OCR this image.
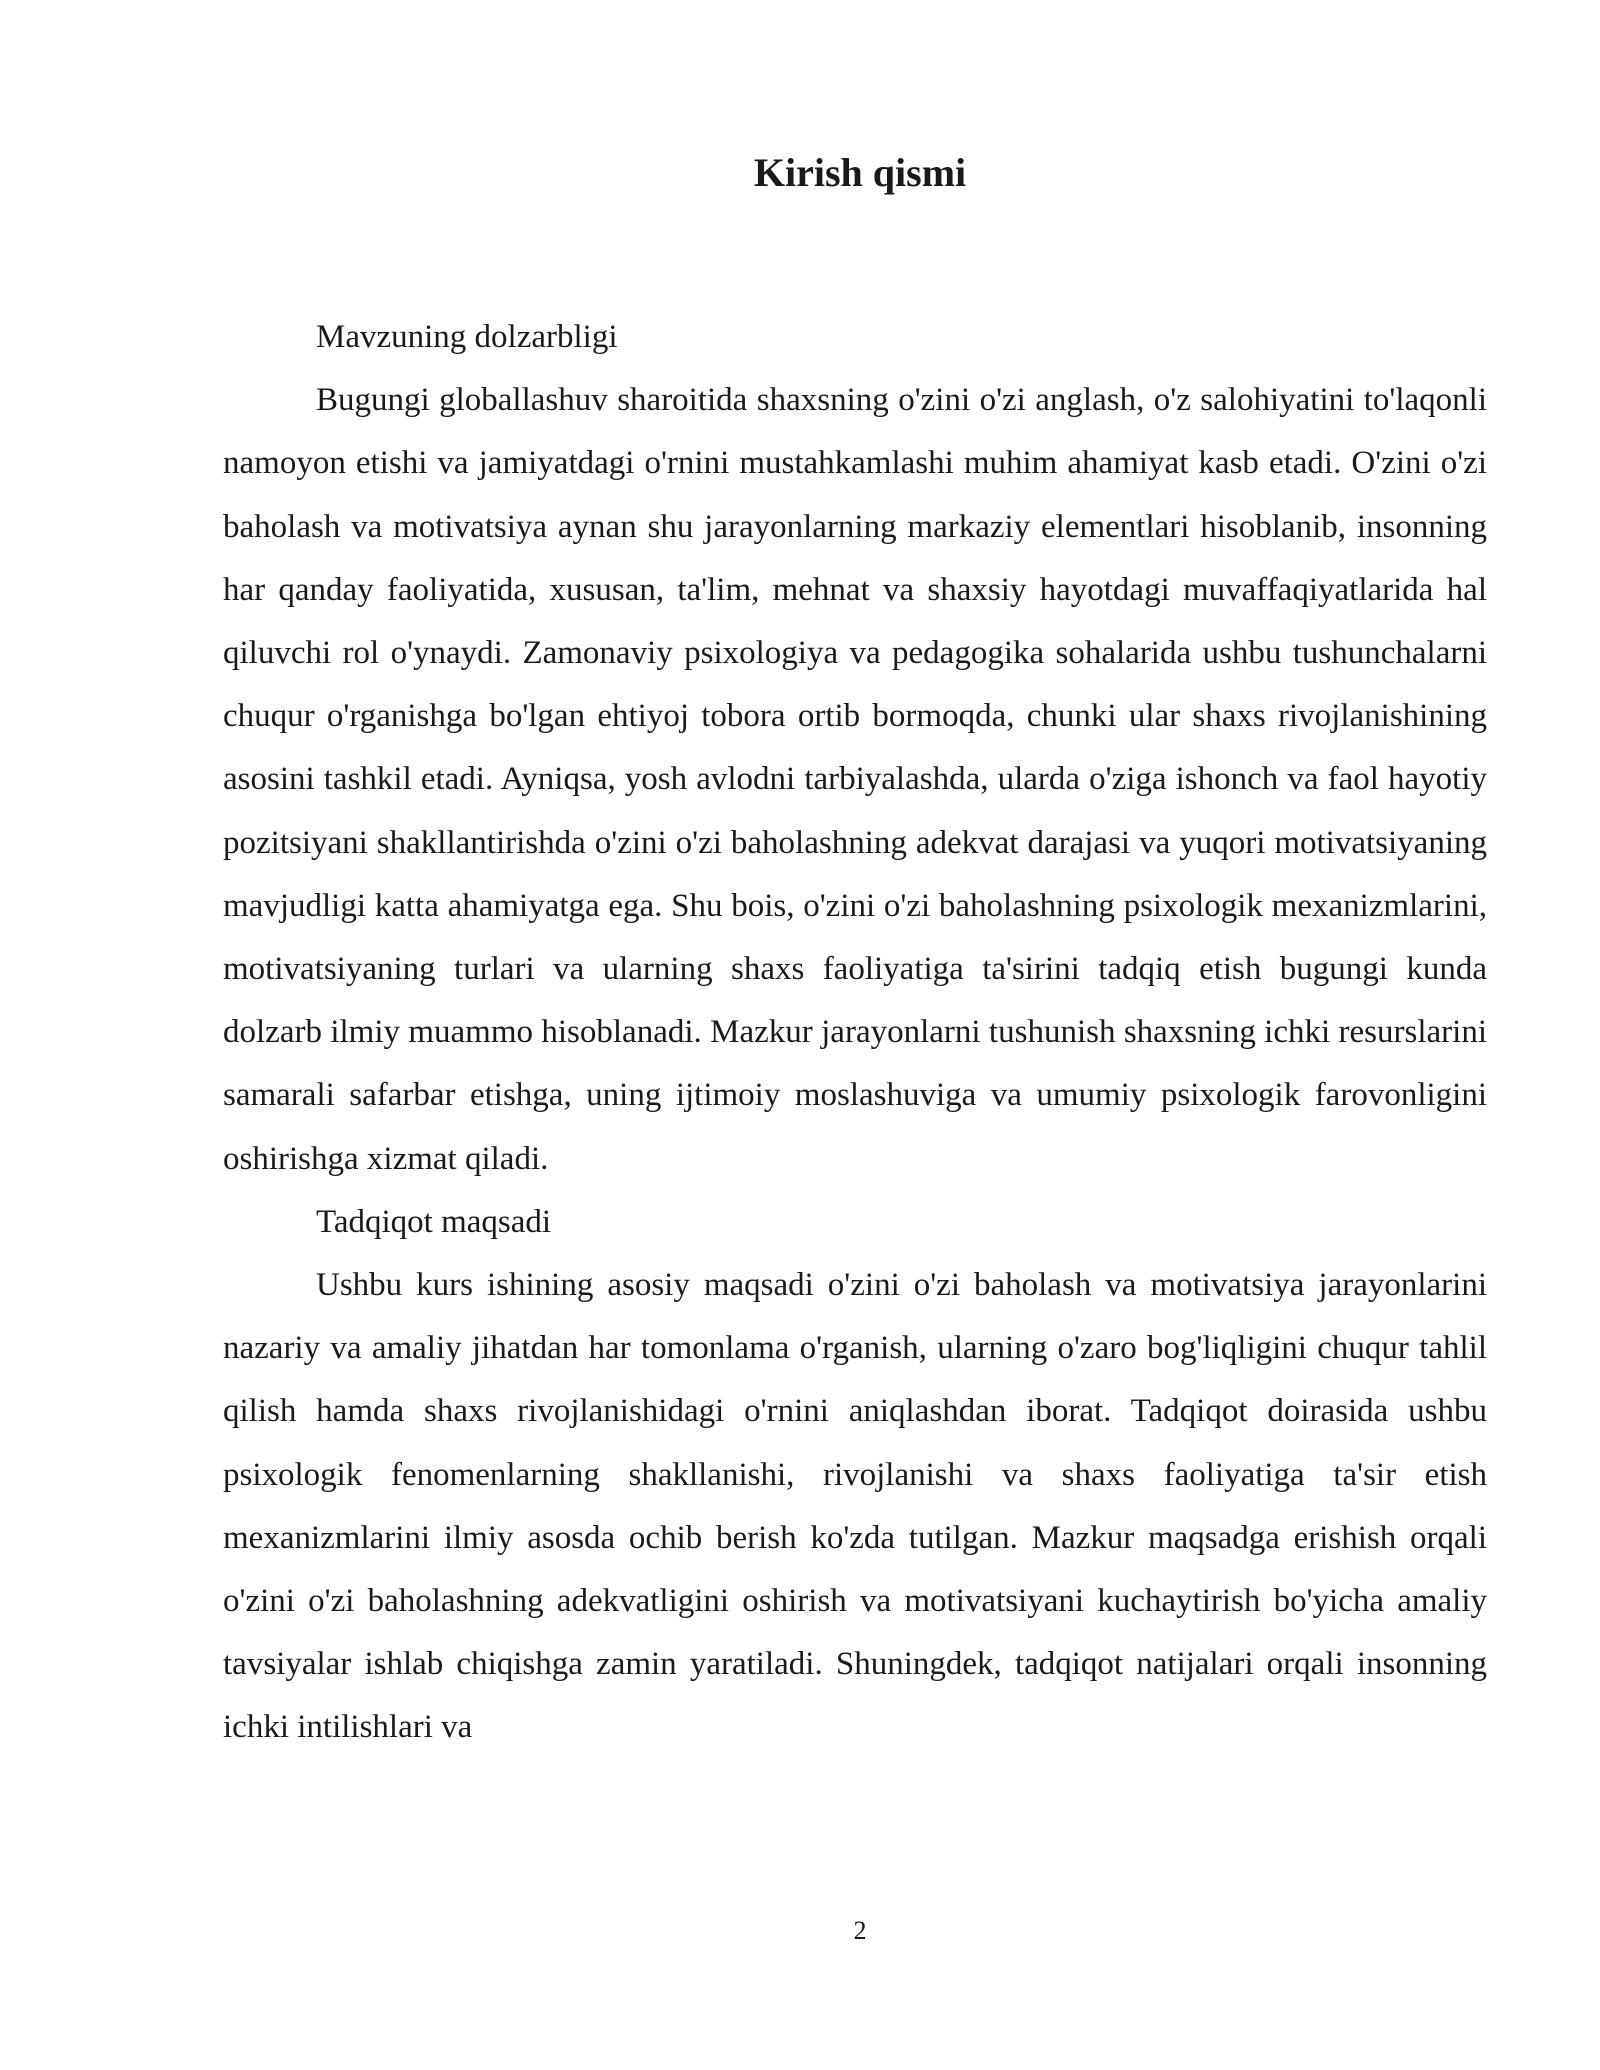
Kirish qismi

Mavzuning dolzarbligi

Bugungi globallashuv sharoitida shaxsning o'zini o'zi anglash, o'z salohiyatini to'laqonli namoyon etishi va jamiyatdagi o'rnini mustahkamlashi muhim ahamiyat kasb etadi. O'zini o'zi baholash va motivatsiya aynan shu jarayonlarning markaziy elementlari hisoblanib, insonning har qanday faoliyatida, xususan, ta'lim, mehnat va shaxsiy hayotdagi muvaffaqiyatlarida hal qiluvchi rol o'ynaydi. Zamonaviy psixologiya va pedagogika sohalarida ushbu tushunchalarni chuqur o'rganishga bo'lgan ehtiyoj tobora ortib bormoqda, chunki ular shaxs rivojlanishining asosini tashkil etadi. Ayniqsa, yosh avlodni tarbiyalashda, ularda o'ziga ishonch va faol hayotiy pozitsiyani shakllantirishda o'zini o'zi baholashning adekvat darajasi va yuqori motivatsiyaning mavjudligi katta ahamiyatga ega. Shu bois, o'zini o'zi baholashning psixologik mexanizmlarini, motivatsiyaning turlari va ularning shaxs faoliyatiga ta'sirini tadqiq etish bugungi kunda dolzarb ilmiy muammo hisoblanadi. Mazkur jarayonlarni tushunish shaxsning ichki resurslarini samarali safarbar etishga, uning ijtimoiy moslashuviga va umumiy psixologik farovonligini oshirishga xizmat qiladi.

Tadqiqot maqsadi

Ushbu kurs ishining asosiy maqsadi o'zini o'zi baholash va motivatsiya jarayonlarini nazariy va amaliy jihatdan har tomonlama o'rganish, ularning o'zaro bog'liqligini chuqur tahlil qilish hamda shaxs rivojlanishidagi o'rnini aniqlashdan iborat. Tadqiqot doirasida ushbu psixologik fenomenlarning shakllanishi, rivojlanishi va shaxs faoliyatiga ta'sir etish mexanizmlarini ilmiy asosda ochib berish ko'zda tutilgan. Mazkur maqsadga erishish orqali o'zini o'zi baholashning adekvatligini oshirish va motivatsiyani kuchaytirish bo'yicha amaliy tavsiyalar ishlab chiqishga zamin yaratiladi. Shuningdek, tadqiqot natijalari orqali insonning ichki intilishlari va

2
